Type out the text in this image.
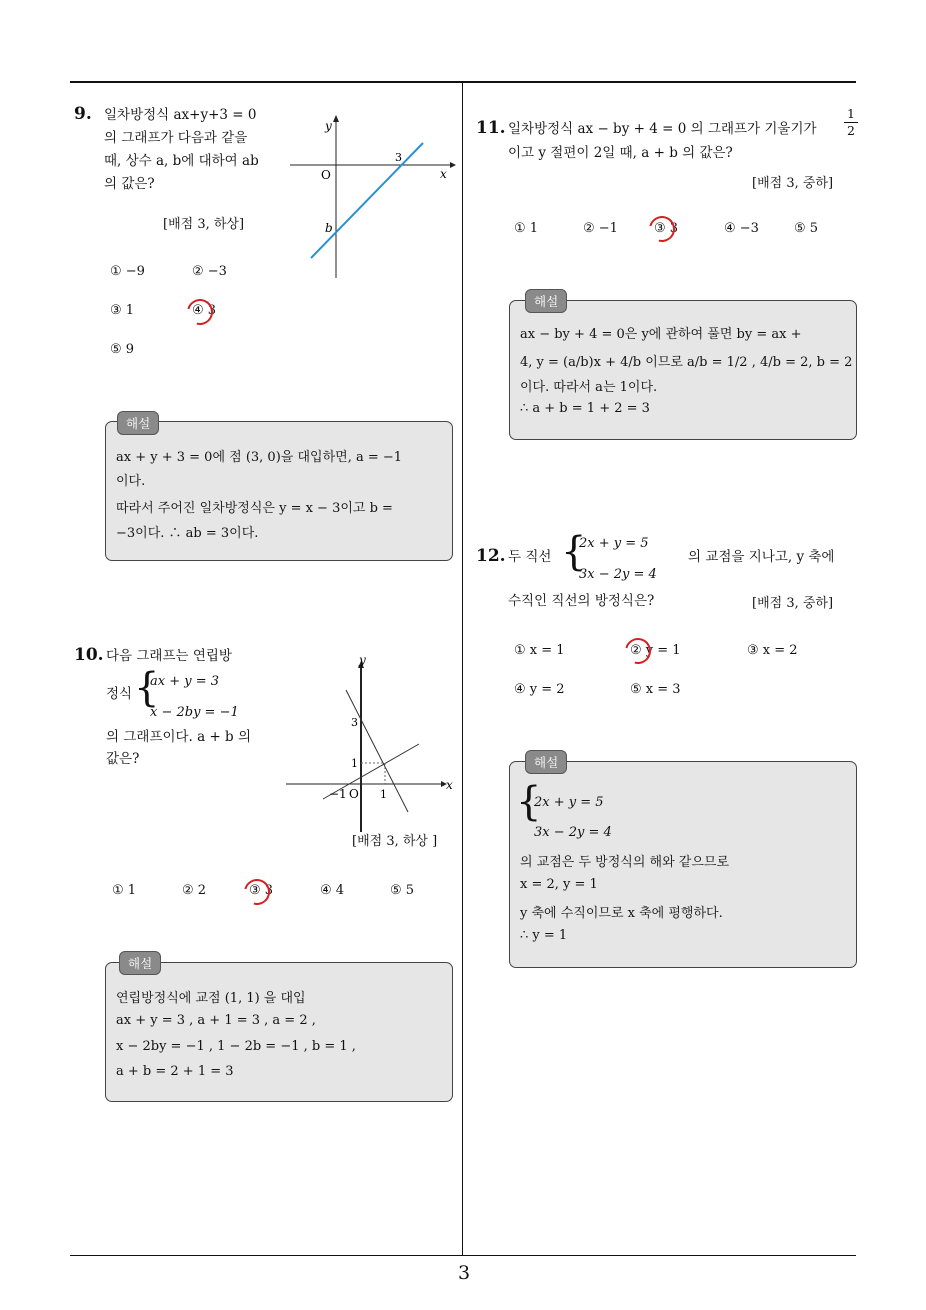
3
9. 일차방정식 ax+y+3 = 0
의 그래프가 다음과 같을
때, 상수 a, b에 대하여 ab
의 값은?
[배점 3, 하상]
y
x
O
3
b
① −9	② −3
③ 1	④ 3
⑤ 9
ax + y + 3 = 0에 점 (3, 0)을 대입하면, a = −1
이다.
따라서 주어진 일차방정식은 y = x − 3이고 b =
−3이다. ∴ ab = 3이다.
해설
10. 다음 그래프는 연립방
정식 {
ax + y = 3
x − 2by = −1
의 그래프이다. a + b 의
값은?
[배점 3, 하상 ]
y
x
3
1
−1 O 1
① 1	② 2	③ 3	④ 4	⑤ 5
연립방정식에 교점 (1, 1) 을 대입
ax + y = 3 , a + 1 = 3 , a = 2 ,
x − 2by = −1 , 1 − 2b = −1 , b = 1 ,
a + b = 2 + 1 = 3
해설
11. 일차방정식 ax − by + 4 = 0 의 그래프가 기울기가 $\frac{1}{2}$
이고 y 절편이 2일 때, a + b 의 값은?
[배점 3, 중하]
① 1	② −1	③ 3	④ −3	⑤ 5
ax − by + 4 = 0은 y에 관하여 풀면 by = ax +
4, y = (a/b)x + 4/b 이므로 a/b = 1/2 , 4/b = 2, b = 2
이다. 따라서 a는 1이다.
∴ a + b = 1 + 2 = 3
해설
12. 두 직선 {
2x + y = 5
3x − 2y = 4
의 교점을 지나고, y 축에
수직인 직선의 방정식은?	[배점 3, 중하]
① x = 1	② y = 1	③ x = 2
④ y = 2	⑤ x = 3
{
2x + y = 5
3x − 2y = 4
의 교점은 두 방정식의 해와 같으므로
x = 2, y = 1
y 축에 수직이므로 x 축에 평행하다.
∴ y = 1
해설
